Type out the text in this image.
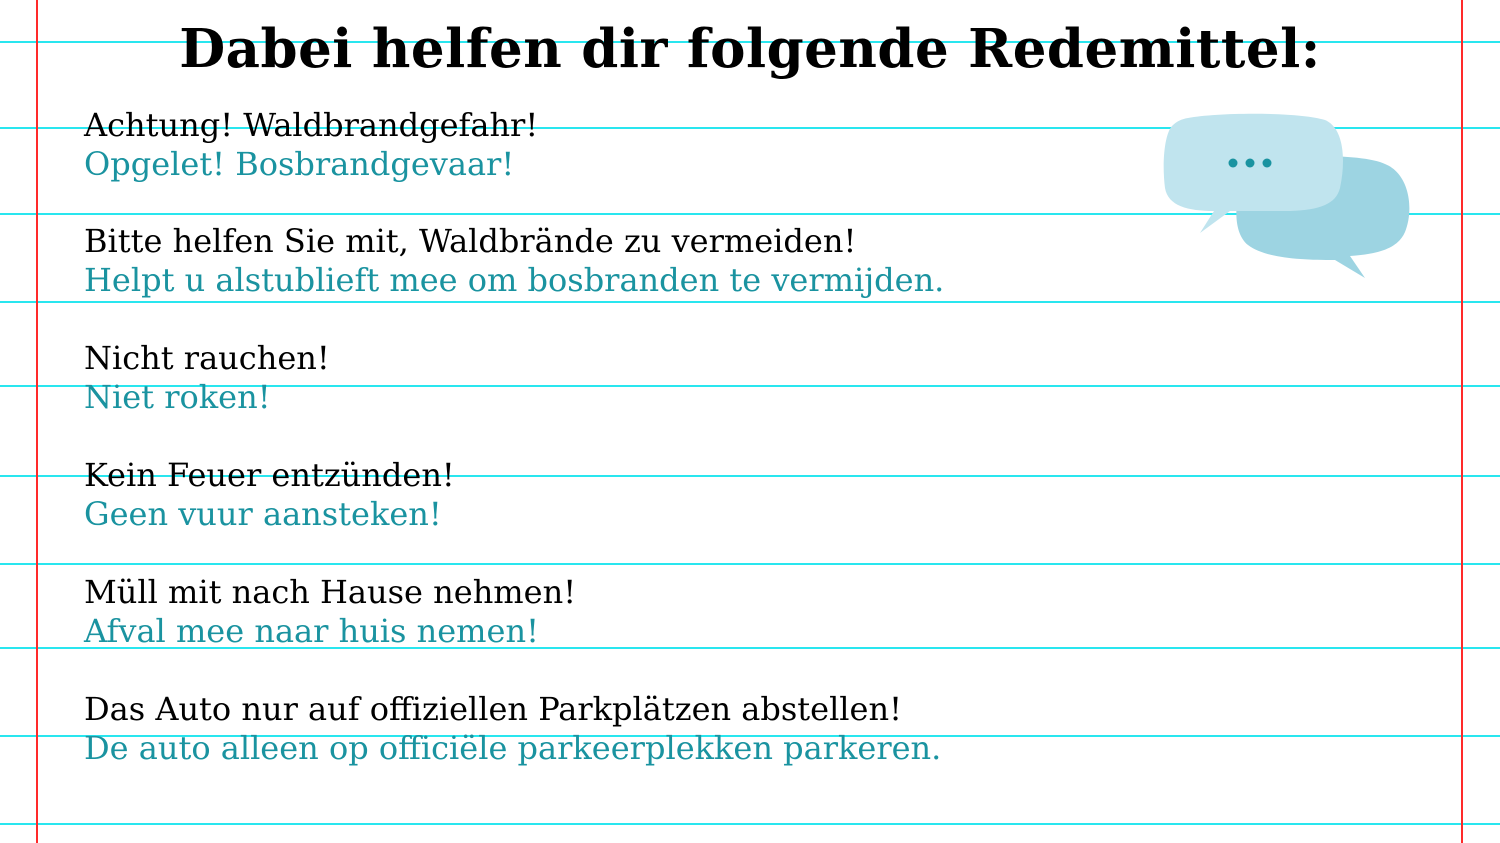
Dabei helfen dir folgende Redemittel:
Achtung! Waldbrandgefahr!
Opgelet! Bosbrandgevaar!
Bitte helfen Sie mit, Waldbrände zu vermeiden!
Helpt u alstublieft mee om bosbranden te vermijden.
Nicht rauchen!
Niet roken!
Kein Feuer entzünden!
Geen vuur aansteken!
Müll mit nach Hause nehmen!
Afval mee naar huis nemen!
Das Auto nur auf offiziellen Parkplätzen abstellen!
De auto alleen op officiële parkeerplekken parkeren.
